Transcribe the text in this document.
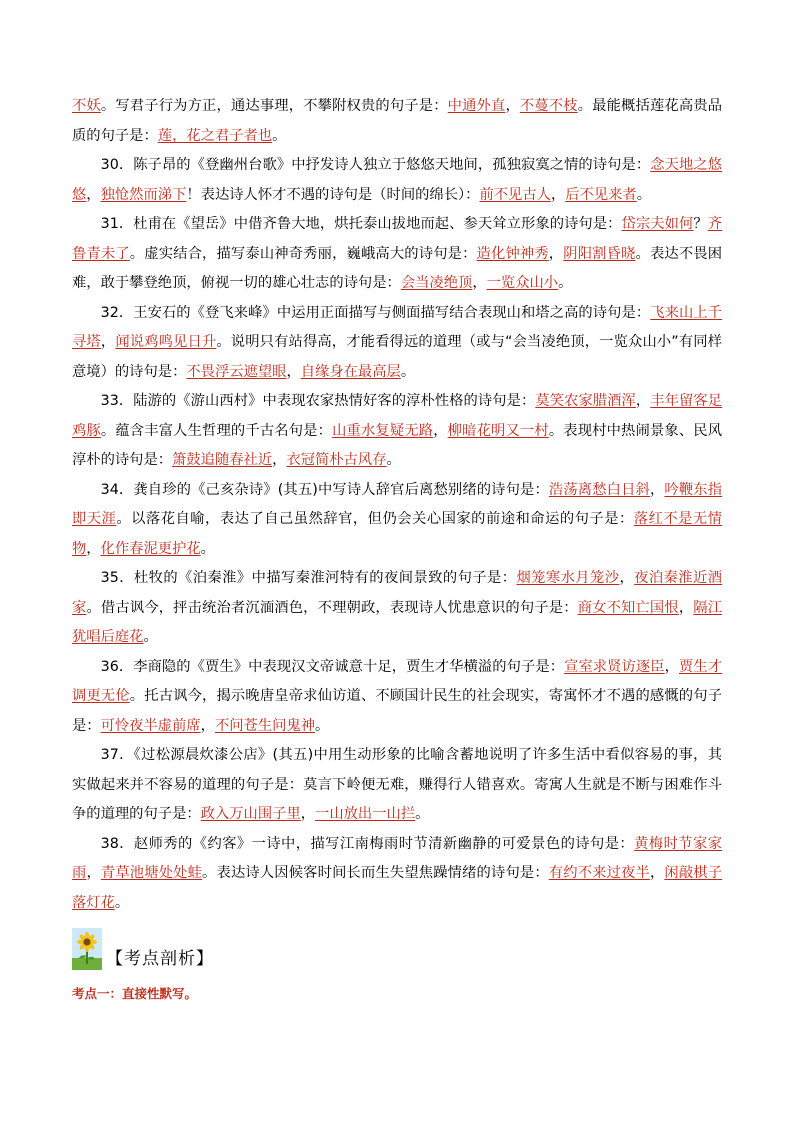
不妖。写君子行为方正，通达事理，不攀附权贵的句子是：中通外直，不蔓不枝。最能概括莲花高贵品质的句子是：莲，花之君子者也。

30．陈子昂的《登幽州台歌》中抒发诗人独立于悠悠天地间，孤独寂寞之情的诗句是：念天地之悠悠，独怆然而涕下！表达诗人怀才不遇的诗句是（时间的绵长）：前不见古人，后不见来者。

31．杜甫在《望岳》中借齐鲁大地，烘托泰山拔地而起、参天耸立形象的诗句是：岱宗夫如何？齐鲁青未了。虚实结合，描写泰山神奇秀丽，巍峨高大的诗句是：造化钟神秀，阴阳割昏晓。表达不畏困难，敢于攀登绝顶，俯视一切的雄心壮志的诗句是：会当凌绝顶，一览众山小。

32．王安石的《登飞来峰》中运用正面描写与侧面描写结合表现山和塔之高的诗句是：飞来山上千寻塔，闻说鸡鸣见日升。说明只有站得高，才能看得远的道理（或与“会当凌绝顶，一览众山小”有同样意境）的诗句是：不畏浮云遮望眼，自缘身在最高层。

33．陆游的《游山西村》中表现农家热情好客的淳朴性格的诗句是：莫笑农家腊酒浑，丰年留客足鸡豚。蕴含丰富人生哲理的千古名句是：山重水复疑无路，柳暗花明又一村。表现村中热闹景象、民风淳朴的诗句是：箫鼓追随春社近，衣冠简朴古风存。

34．龚自珍的《己亥杂诗》(其五)中写诗人辞官后离愁别绪的诗句是：浩荡离愁白日斜，吟鞭东指即天涯。以落花自喻，表达了自己虽然辞官，但仍会关心国家的前途和命运的句子是：落红不是无情物，化作春泥更护花。

35．杜牧的《泊秦淮》中描写秦淮河特有的夜间景致的句子是：烟笼寒水月笼沙，夜泊秦淮近酒家。借古讽今，抨击统治者沉湎酒色，不理朝政，表现诗人忧患意识的句子是：商女不知亡国恨，隔江犹唱后庭花。

36．李商隐的《贾生》中表现汉文帝诚意十足，贾生才华横溢的句子是：宣室求贤访逐臣，贾生才调更无伦。托古讽今，揭示晚唐皇帝求仙访道、不顾国计民生的社会现实，寄寓怀才不遇的感慨的句子是：可怜夜半虚前席，不问苍生问鬼神。

37．《过松源晨炊漆公店》(其五)中用生动形象的比喻含蓄地说明了许多生活中看似容易的事，其实做起来并不容易的道理的句子是：莫言下岭便无难，赚得行人错喜欢。寄寓人生就是不断与困难作斗争的道理的句子是：政入万山围子里，一山放出一山拦。

38．赵师秀的《约客》一诗中，描写江南梅雨时节清新幽静的可爱景色的诗句是：黄梅时节家家雨，青草池塘处处蛙。表达诗人因候客时间长而生失望焦躁情绪的诗句是：有约不来过夜半，闲敲棋子落灯花。

【考点剖析】
考点一：直接性默写。
